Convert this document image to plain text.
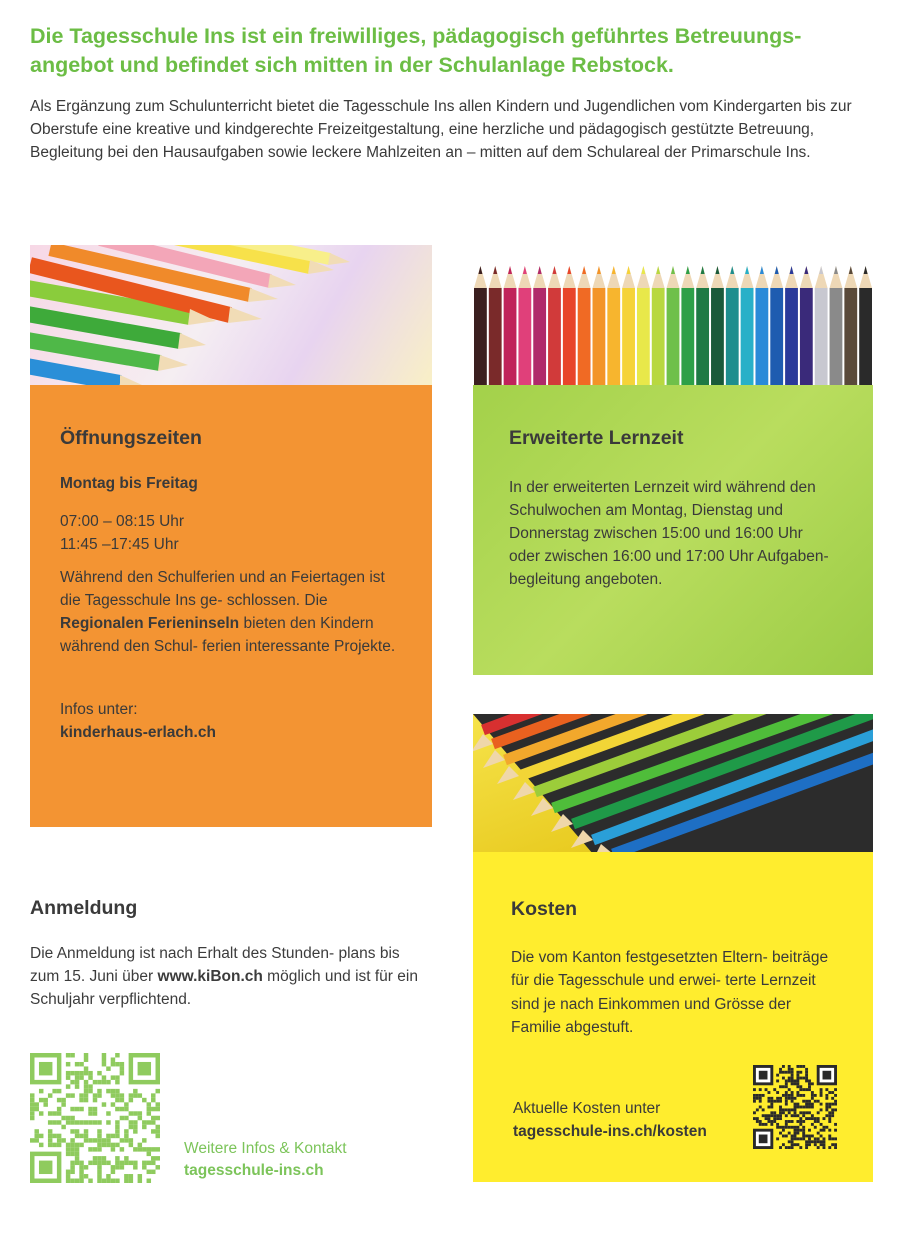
Die Tagesschule Ins ist ein freiwilliges, pädagogisch geführtes Betreuungs- angebot und befindet sich mitten in der Schulanlage Rebstock.

Als Ergänzung zum Schulunterricht bietet die Tagesschule Ins allen Kindern und Jugendlichen vom Kindergarten bis zur Oberstufe eine kreative und kindgerechte Freizeitgestaltung, eine herzliche und pädagogisch gestützte Betreuung, Begleitung bei den Hausaufgaben sowie leckere Mahlzeiten an – mitten auf dem Schulareal der Primarschule Ins.

Öffnungszeiten

Montag bis Freitag

07:00 – 08:15 Uhr

11:45 –17:45 Uhr

Während den Schulferien und an Feiertagen ist die Tagesschule Ins ge- schlossen. Die Regionalen Ferieninseln bieten den Kindern während den Schul- ferien interessante Projekte.

Infos unter:

kinderhaus-erlach.ch

Erweiterte Lernzeit

In der erweiterten Lernzeit wird während den Schulwochen am Montag, Dienstag und Donnerstag zwischen 15:00 und 16:00 Uhr oder zwischen 16:00 und 17:00 Uhr Aufgaben- begleitung angeboten.

Anmeldung

Die Anmeldung ist nach Erhalt des Stunden- plans bis zum 15. Juni über www.kiBon.ch möglich und ist für ein Schuljahr verpflichtend.

Weitere Infos & Kontakt
tagesschule-ins.ch
Kosten

Die vom Kanton festgesetzten Eltern- beiträge für die Tagesschule und erwei- terte Lernzeit sind je nach Einkommen und Grösse der Familie abgestuft.

Aktuelle Kosten unter
tagesschule-ins.ch/kosten
